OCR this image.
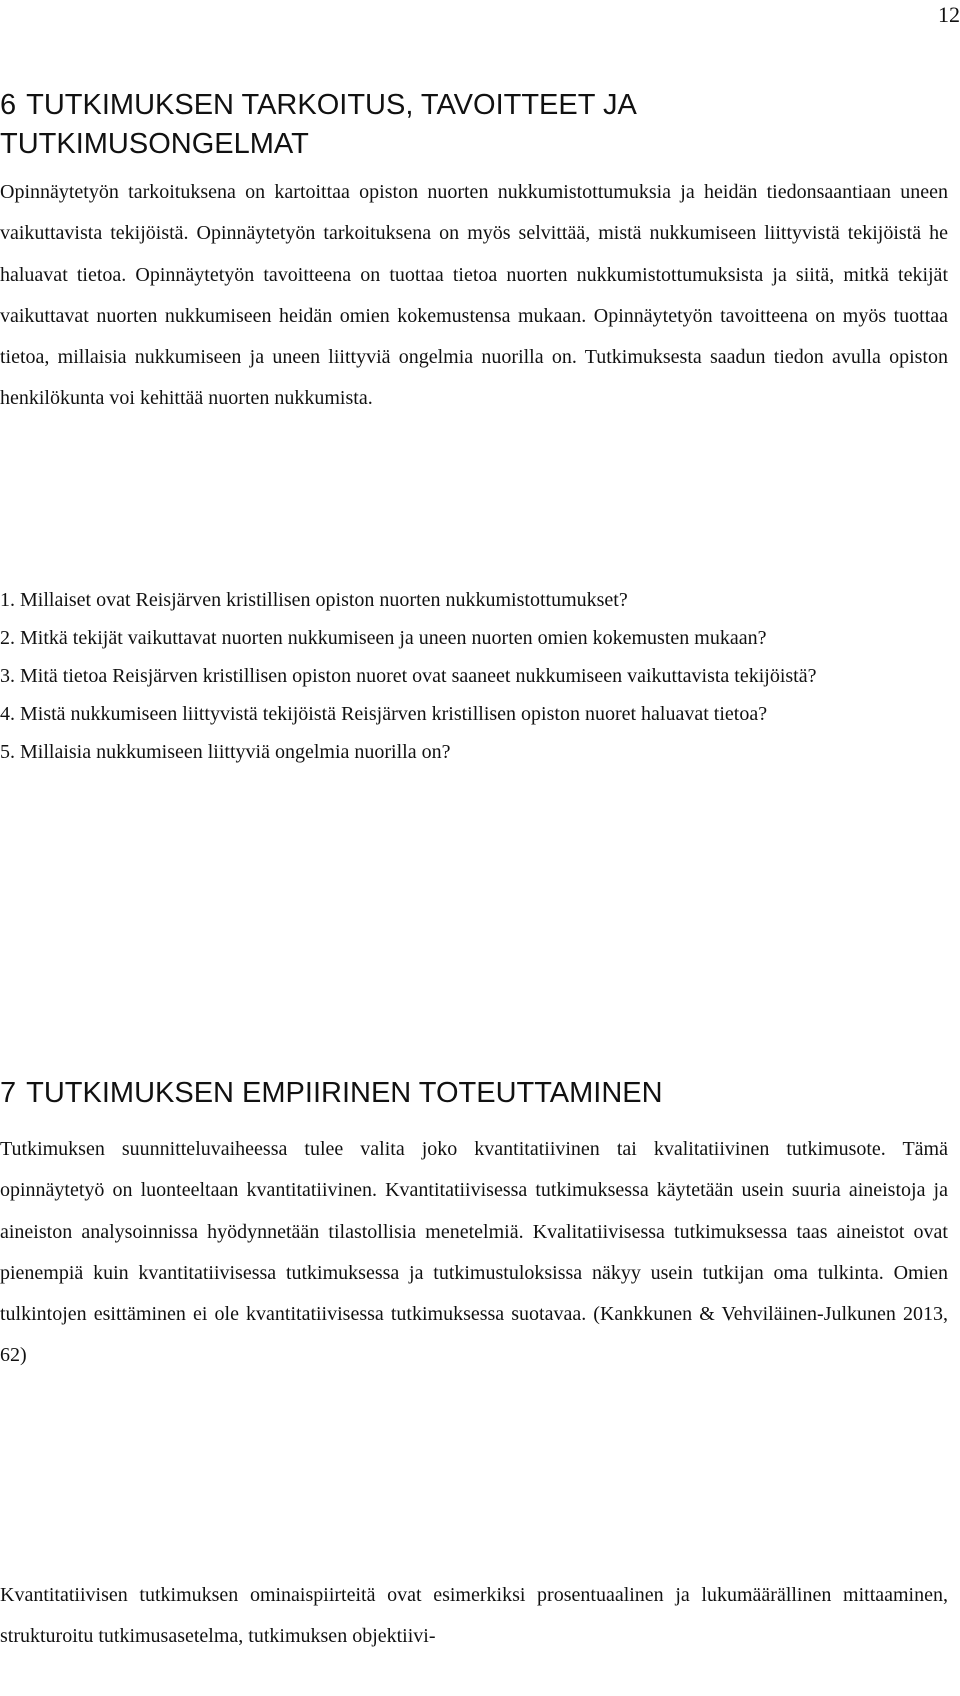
12
6 TUTKIMUKSEN TARKOITUS, TAVOITTEET JA
TUTKIMUSONGELMAT

Opinnäytetyön tarkoituksena on kartoittaa opiston nuorten nukkumistottumuksia ja heidän tiedonsaantiaan uneen vaikuttavista tekijöistä. Opinnäytetyön tarkoituksena on myös selvittää, mistä nukkumiseen liittyvistä tekijöistä he haluavat tietoa. Opinnäytetyön tavoitteena on tuottaa tietoa nuorten nukkumistottumuksista ja siitä, mitkä tekijät vaikuttavat nuorten nukkumiseen heidän omien kokemustensa mukaan. Opinnäytetyön tavoitteena on myös tuottaa tietoa, millaisia nukkumiseen ja uneen liittyviä ongelmia nuorilla on. Tutkimuksesta saadun tiedon avulla opiston henkilökunta voi kehittää nuorten nukkumista.

1. Millaiset ovat Reisjärven kristillisen opiston nuorten nukkumistottumukset?
2. Mitkä tekijät vaikuttavat nuorten nukkumiseen ja uneen nuorten omien kokemusten mukaan?
3. Mitä tietoa Reisjärven kristillisen opiston nuoret ovat saaneet nukkumiseen vaikuttavista tekijöistä?
4. Mistä nukkumiseen liittyvistä tekijöistä Reisjärven kristillisen opiston nuoret haluavat tietoa?
5. Millaisia nukkumiseen liittyviä ongelmia nuorilla on?
7 TUTKIMUKSEN EMPIIRINEN TOTEUTTAMINEN

Tutkimuksen suunnitteluvaiheessa tulee valita joko kvantitatiivinen tai kvalitatiivinen tutkimusote. Tämä opinnäytetyö on luonteeltaan kvantitatiivinen. Kvantitatiivisessa tutkimuksessa käytetään usein suuria aineistoja ja aineiston analysoinnissa hyödynnetään tilastollisia menetelmiä. Kvalitatiivisessa tutkimuksessa taas aineistot ovat pienempiä kuin kvantitatiivisessa tutkimuksessa ja tutkimustuloksissa näkyy usein tutkijan oma tulkinta. Omien tulkintojen esittäminen ei ole kvantitatiivisessa tutkimuksessa suotavaa. (Kankkunen & Vehviläinen-Julkunen 2013, 62)

Kvantitatiivisen tutkimuksen ominaispiirteitä ovat esimerkiksi prosentuaalinen ja lukumäärällinen mittaaminen, strukturoitu tutkimusasetelma, tutkimuksen objektiivi-
